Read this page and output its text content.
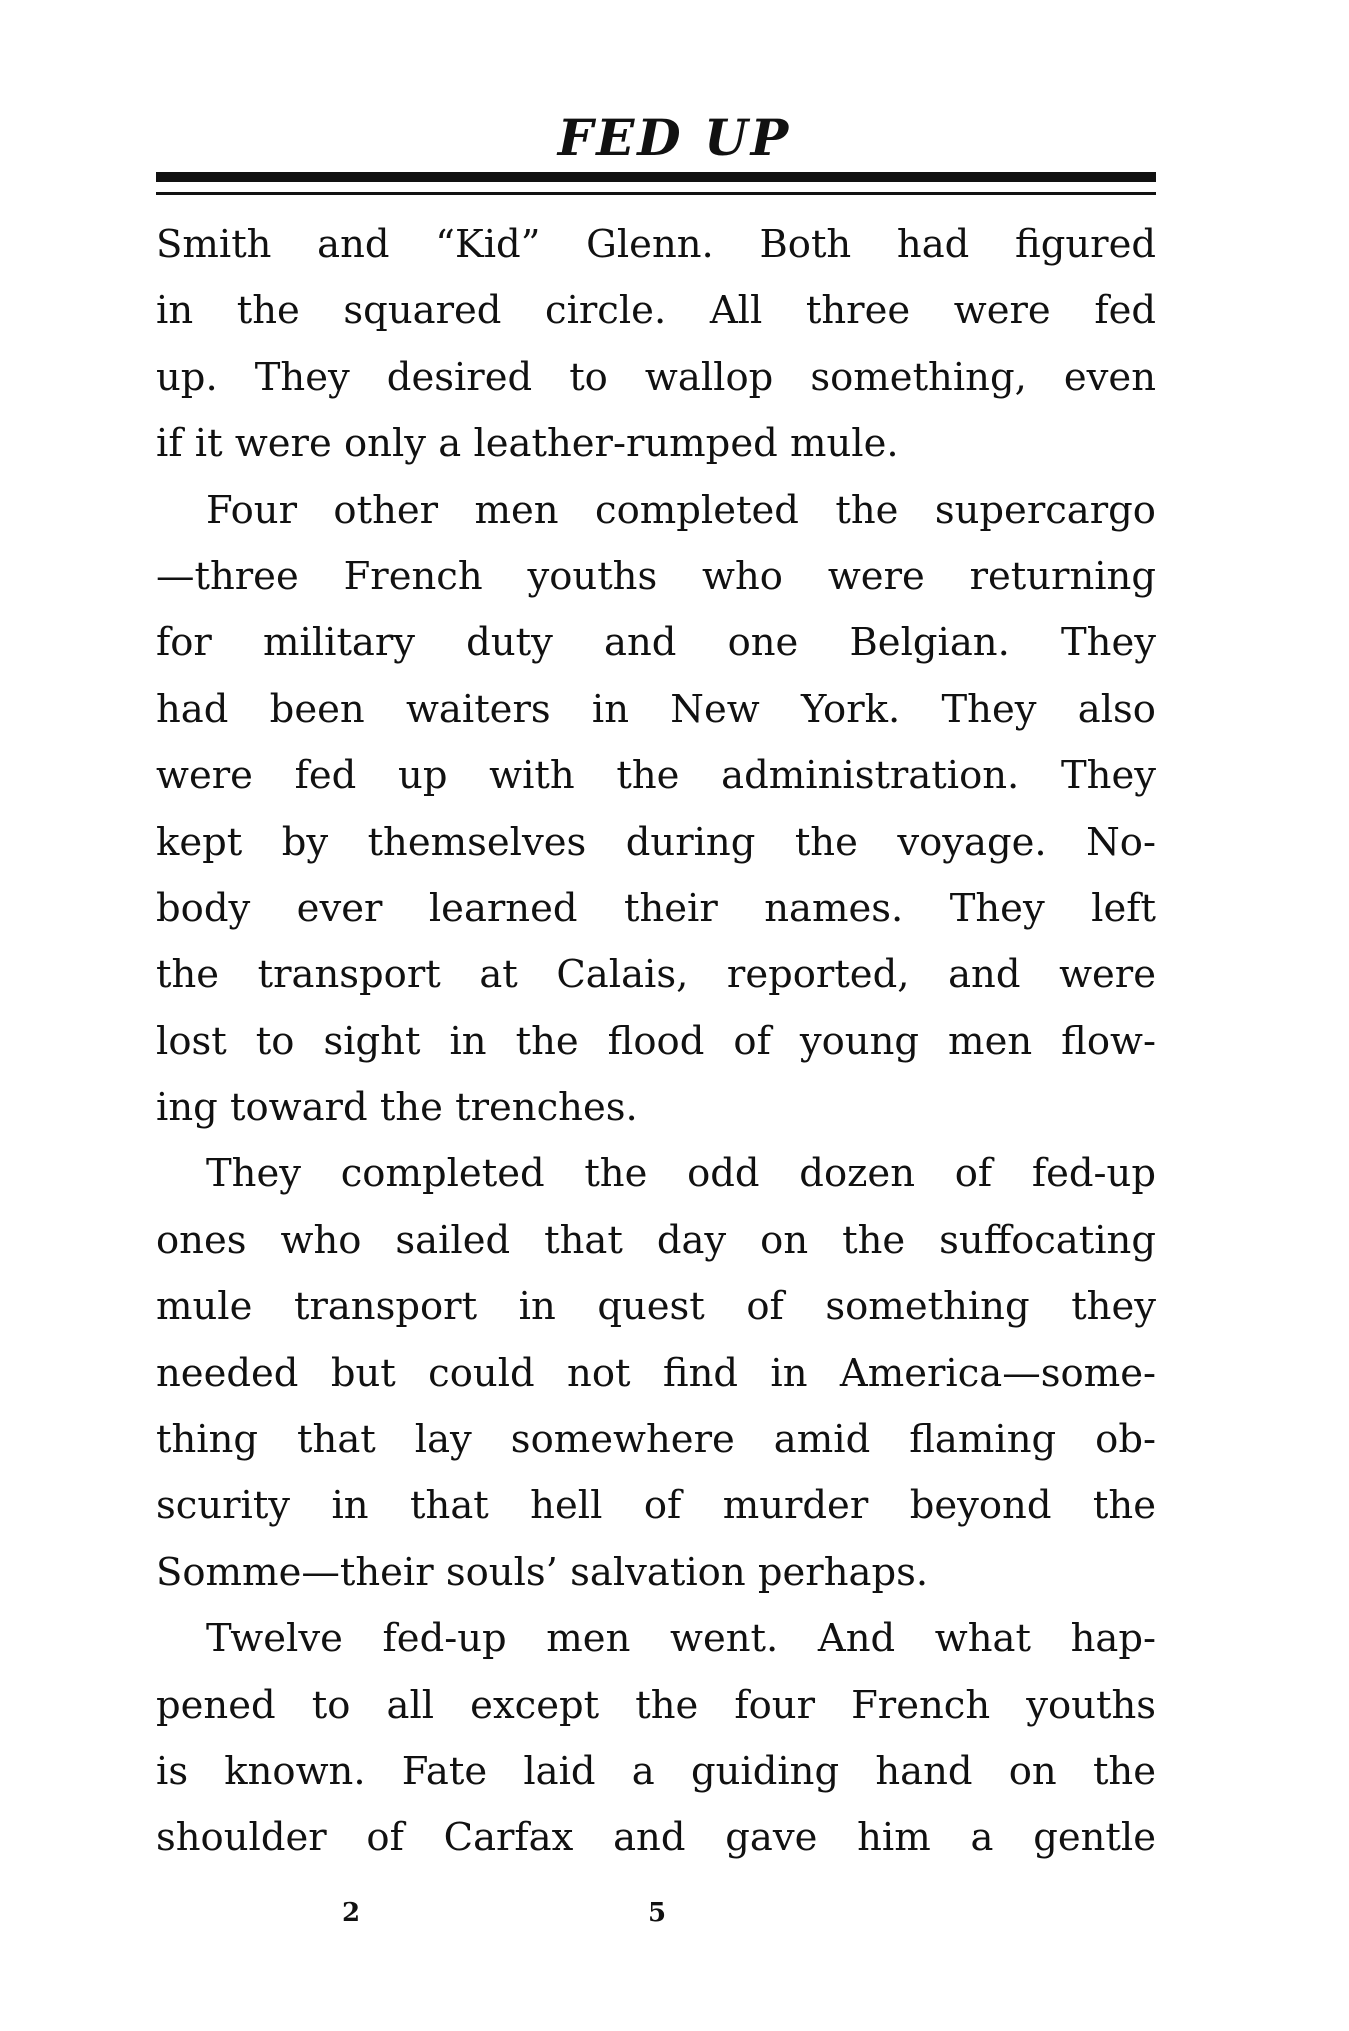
FED UP
Smith and “Kid” Glenn. Both had figured
in the squared circle. All three were fed
up. They desired to wallop something, even
if it were only a leather-rumped mule.
Four other men completed the supercargo
—three French youths who were returning
for military duty and one Belgian. They
had been waiters in New York. They also
were fed up with the administration. They
kept by themselves during the voyage. No-
body ever learned their names. They left
the transport at Calais, reported, and were
lost to sight in the flood of young men flow-
ing toward the trenches.
They completed the odd dozen of fed-up
ones who sailed that day on the suffocating
mule transport in quest of something they
needed but could not find in America—some-
thing that lay somewhere amid flaming ob-
scurity in that hell of murder beyond the
Somme—their souls’ salvation perhaps.
Twelve fed-up men went. And what hap-
pened to all except the four French youths
is known. Fate laid a guiding hand on the
shoulder of Carfax and gave him a gentle
2	5
